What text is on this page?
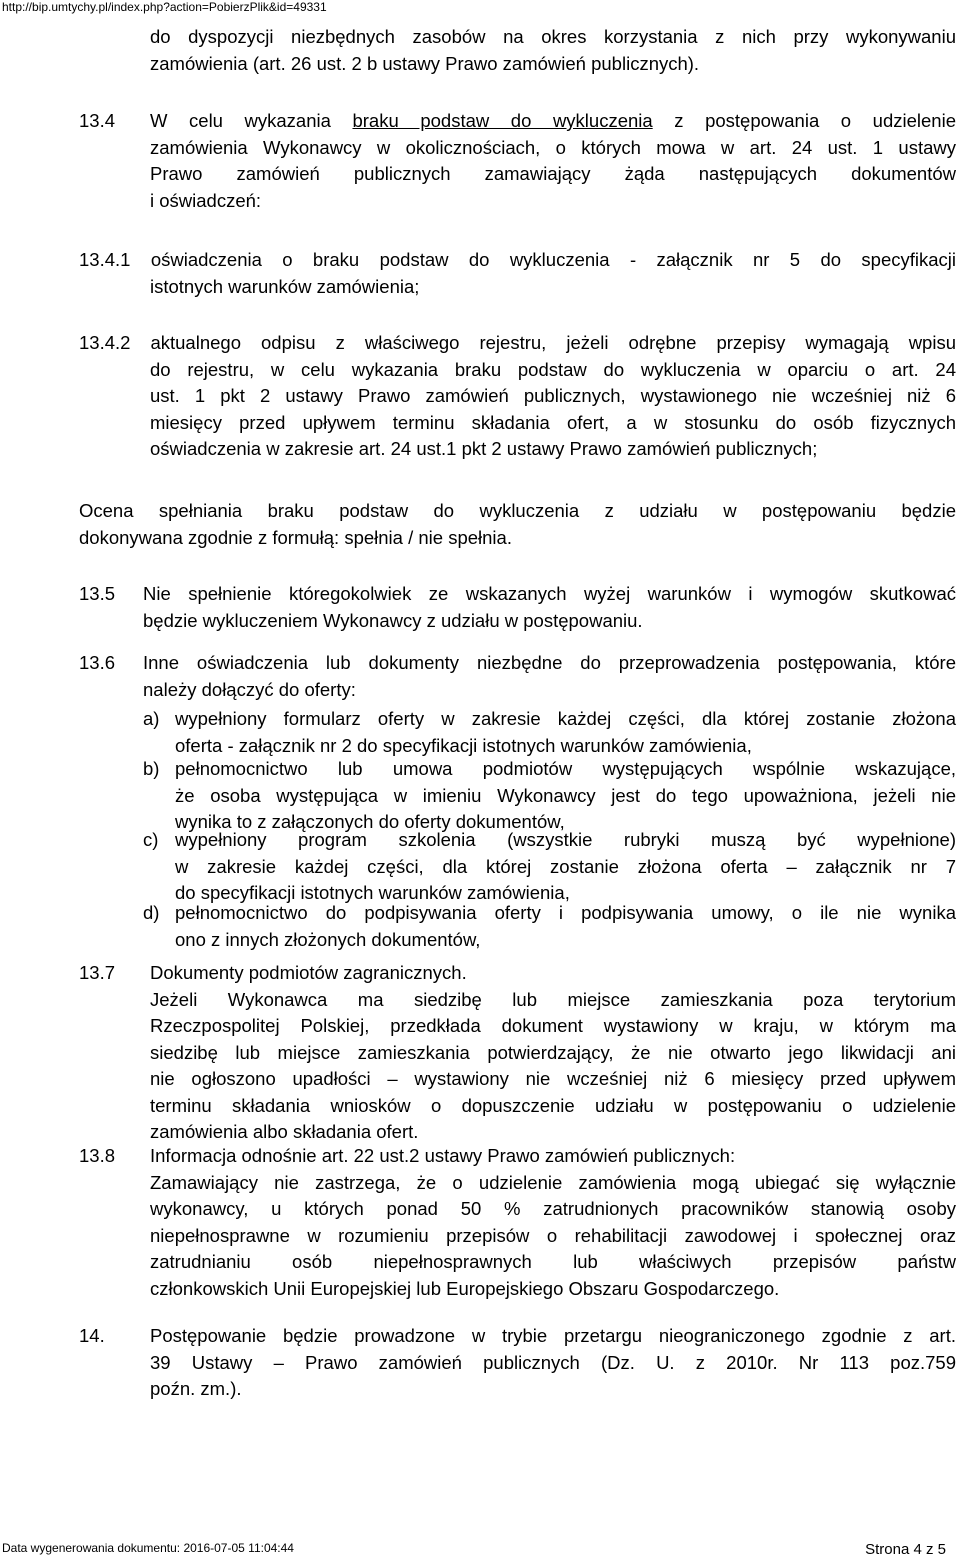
http://bip.umtychy.pl/index.php?action=PobierzPlik&id=49331
do dyspozycji niezbędnych zasobów na okres korzystania z nich przy wykonywaniu
zamówienia (art. 26 ust. 2 b ustawy Prawo zamówień publicznych).
13.4 W celu wykazania braku podstaw do wykluczenia z postępowania o udzielenie
zamówienia Wykonawcy w okolicznościach, o których mowa w art. 24 ust. 1 ustawy
Prawo zamówień publicznych zamawiający żąda następujących dokumentów
i oświadczeń:
13.4.1 oświadczenia o braku podstaw do wykluczenia - załącznik nr 5 do specyfikacji
istotnych warunków zamówienia;
13.4.2 aktualnego odpisu z właściwego rejestru, jeżeli odrębne przepisy wymagają wpisu
do rejestru, w celu wykazania braku podstaw do wykluczenia w oparciu o art. 24
ust. 1 pkt 2 ustawy Prawo zamówień publicznych, wystawionego nie wcześniej niż 6
miesięcy przed upływem terminu składania ofert, a w stosunku do osób fizycznych
oświadczenia w zakresie art. 24 ust.1 pkt 2 ustawy Prawo zamówień publicznych;
Ocena spełniania braku podstaw do wykluczenia z udziału w postępowaniu będzie
dokonywana zgodnie z formułą: spełnia / nie spełnia.
13.5 Nie spełnienie któregokolwiek ze wskazanych wyżej warunków i wymogów skutkować
będzie wykluczeniem Wykonawcy z udziału w postępowaniu.
13.6 Inne oświadczenia lub dokumenty niezbędne do przeprowadzenia postępowania, które
należy dołączyć do oferty:
a) wypełniony formularz oferty w zakresie każdej części, dla której zostanie złożona
oferta - załącznik nr 2 do specyfikacji istotnych warunków zamówienia,
b) pełnomocnictwo lub umowa podmiotów występujących wspólnie wskazujące,
że osoba występująca w imieniu Wykonawcy jest do tego upoważniona, jeżeli nie
wynika to z załączonych do oferty dokumentów,
c) wypełniony program szkolenia (wszystkie rubryki muszą być wypełnione)
w zakresie każdej części, dla której zostanie złożona oferta – załącznik nr 7
do specyfikacji istotnych warunków zamówienia,
d) pełnomocnictwo do podpisywania oferty i podpisywania umowy, o ile nie wynika
ono z innych złożonych dokumentów,
13.7 Dokumenty podmiotów zagranicznych.
Jeżeli Wykonawca ma siedzibę lub miejsce zamieszkania poza terytorium
Rzeczpospolitej Polskiej, przedkłada dokument wystawiony w kraju, w którym ma
siedzibę lub miejsce zamieszkania potwierdzający, że nie otwarto jego likwidacji ani
nie ogłoszono upadłości – wystawiony nie wcześniej niż 6 miesięcy przed upływem
terminu składania wniosków o dopuszczenie udziału w postępowaniu o udzielenie
zamówienia albo składania ofert.
13.8 Informacja odnośnie art. 22 ust.2 ustawy Prawo zamówień publicznych:
Zamawiający nie zastrzega, że o udzielenie zamówienia mogą ubiegać się wyłącznie
wykonawcy, u których ponad 50 % zatrudnionych pracowników stanowią osoby
niepełnosprawne w rozumieniu przepisów o rehabilitacji zawodowej i społecznej oraz
zatrudnianiu osób niepełnosprawnych lub właściwych przepisów państw
członkowskich Unii Europejskiej lub Europejskiego Obszaru Gospodarczego.
14. Postępowanie będzie prowadzone w trybie przetargu nieograniczonego zgodnie z art.
39 Ustawy – Prawo zamówień publicznych (Dz. U. z 2010r. Nr 113 poz.759
poźn. zm.).
Data wygenerowania dokumentu: 2016-07-05 11:04:44	Strona 4 z 5
